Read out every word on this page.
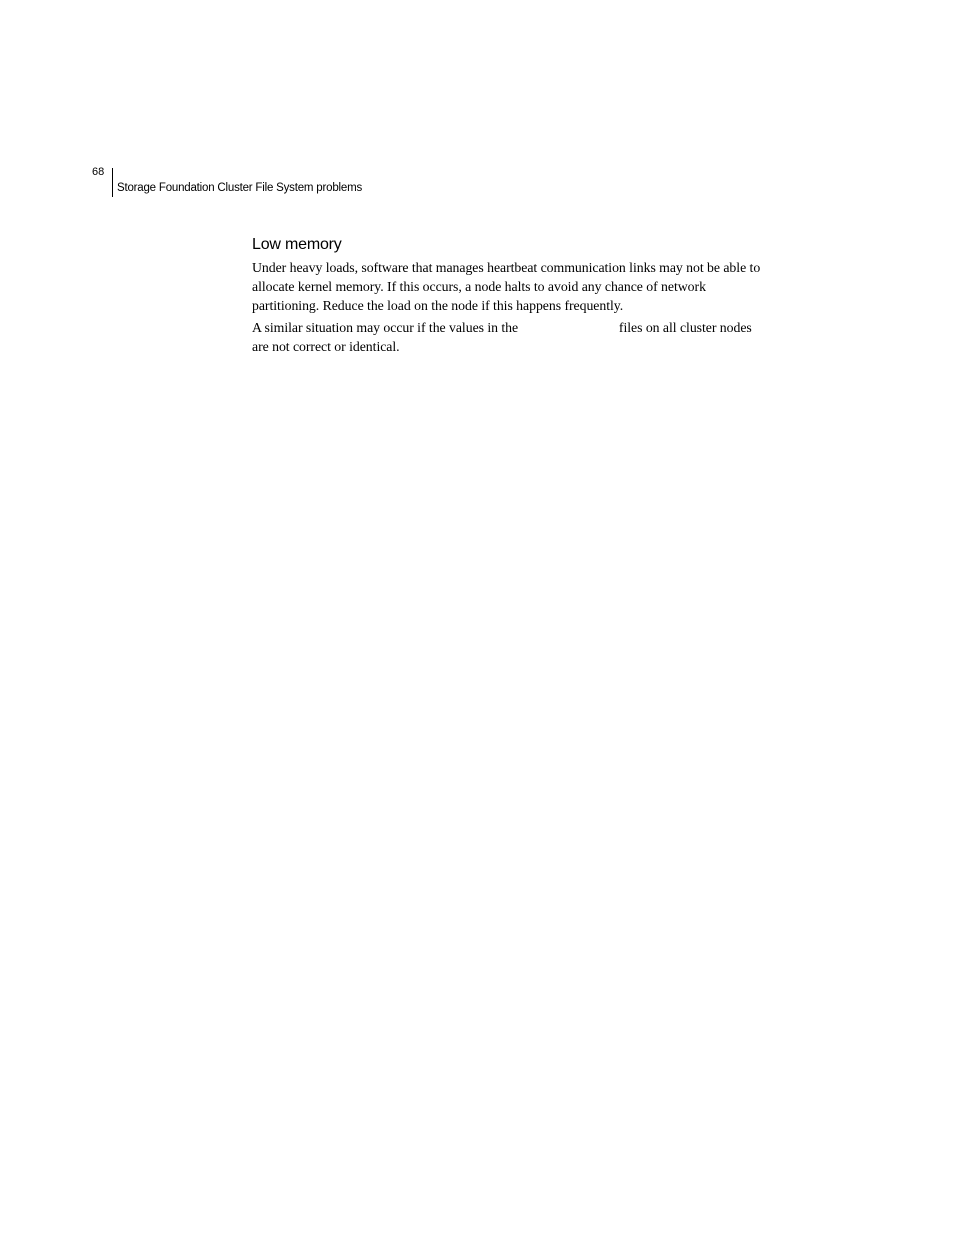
68
Storage Foundation Cluster File System problems
Low memory

Under heavy loads, software that manages heartbeat communication links may not be able to allocate kernel memory. If this occurs, a node halts to avoid any chance of network partitioning. Reduce the load on the node if this happens frequently.

A similar situation may occur if the values in the	files on all cluster nodes are not correct or identical.
